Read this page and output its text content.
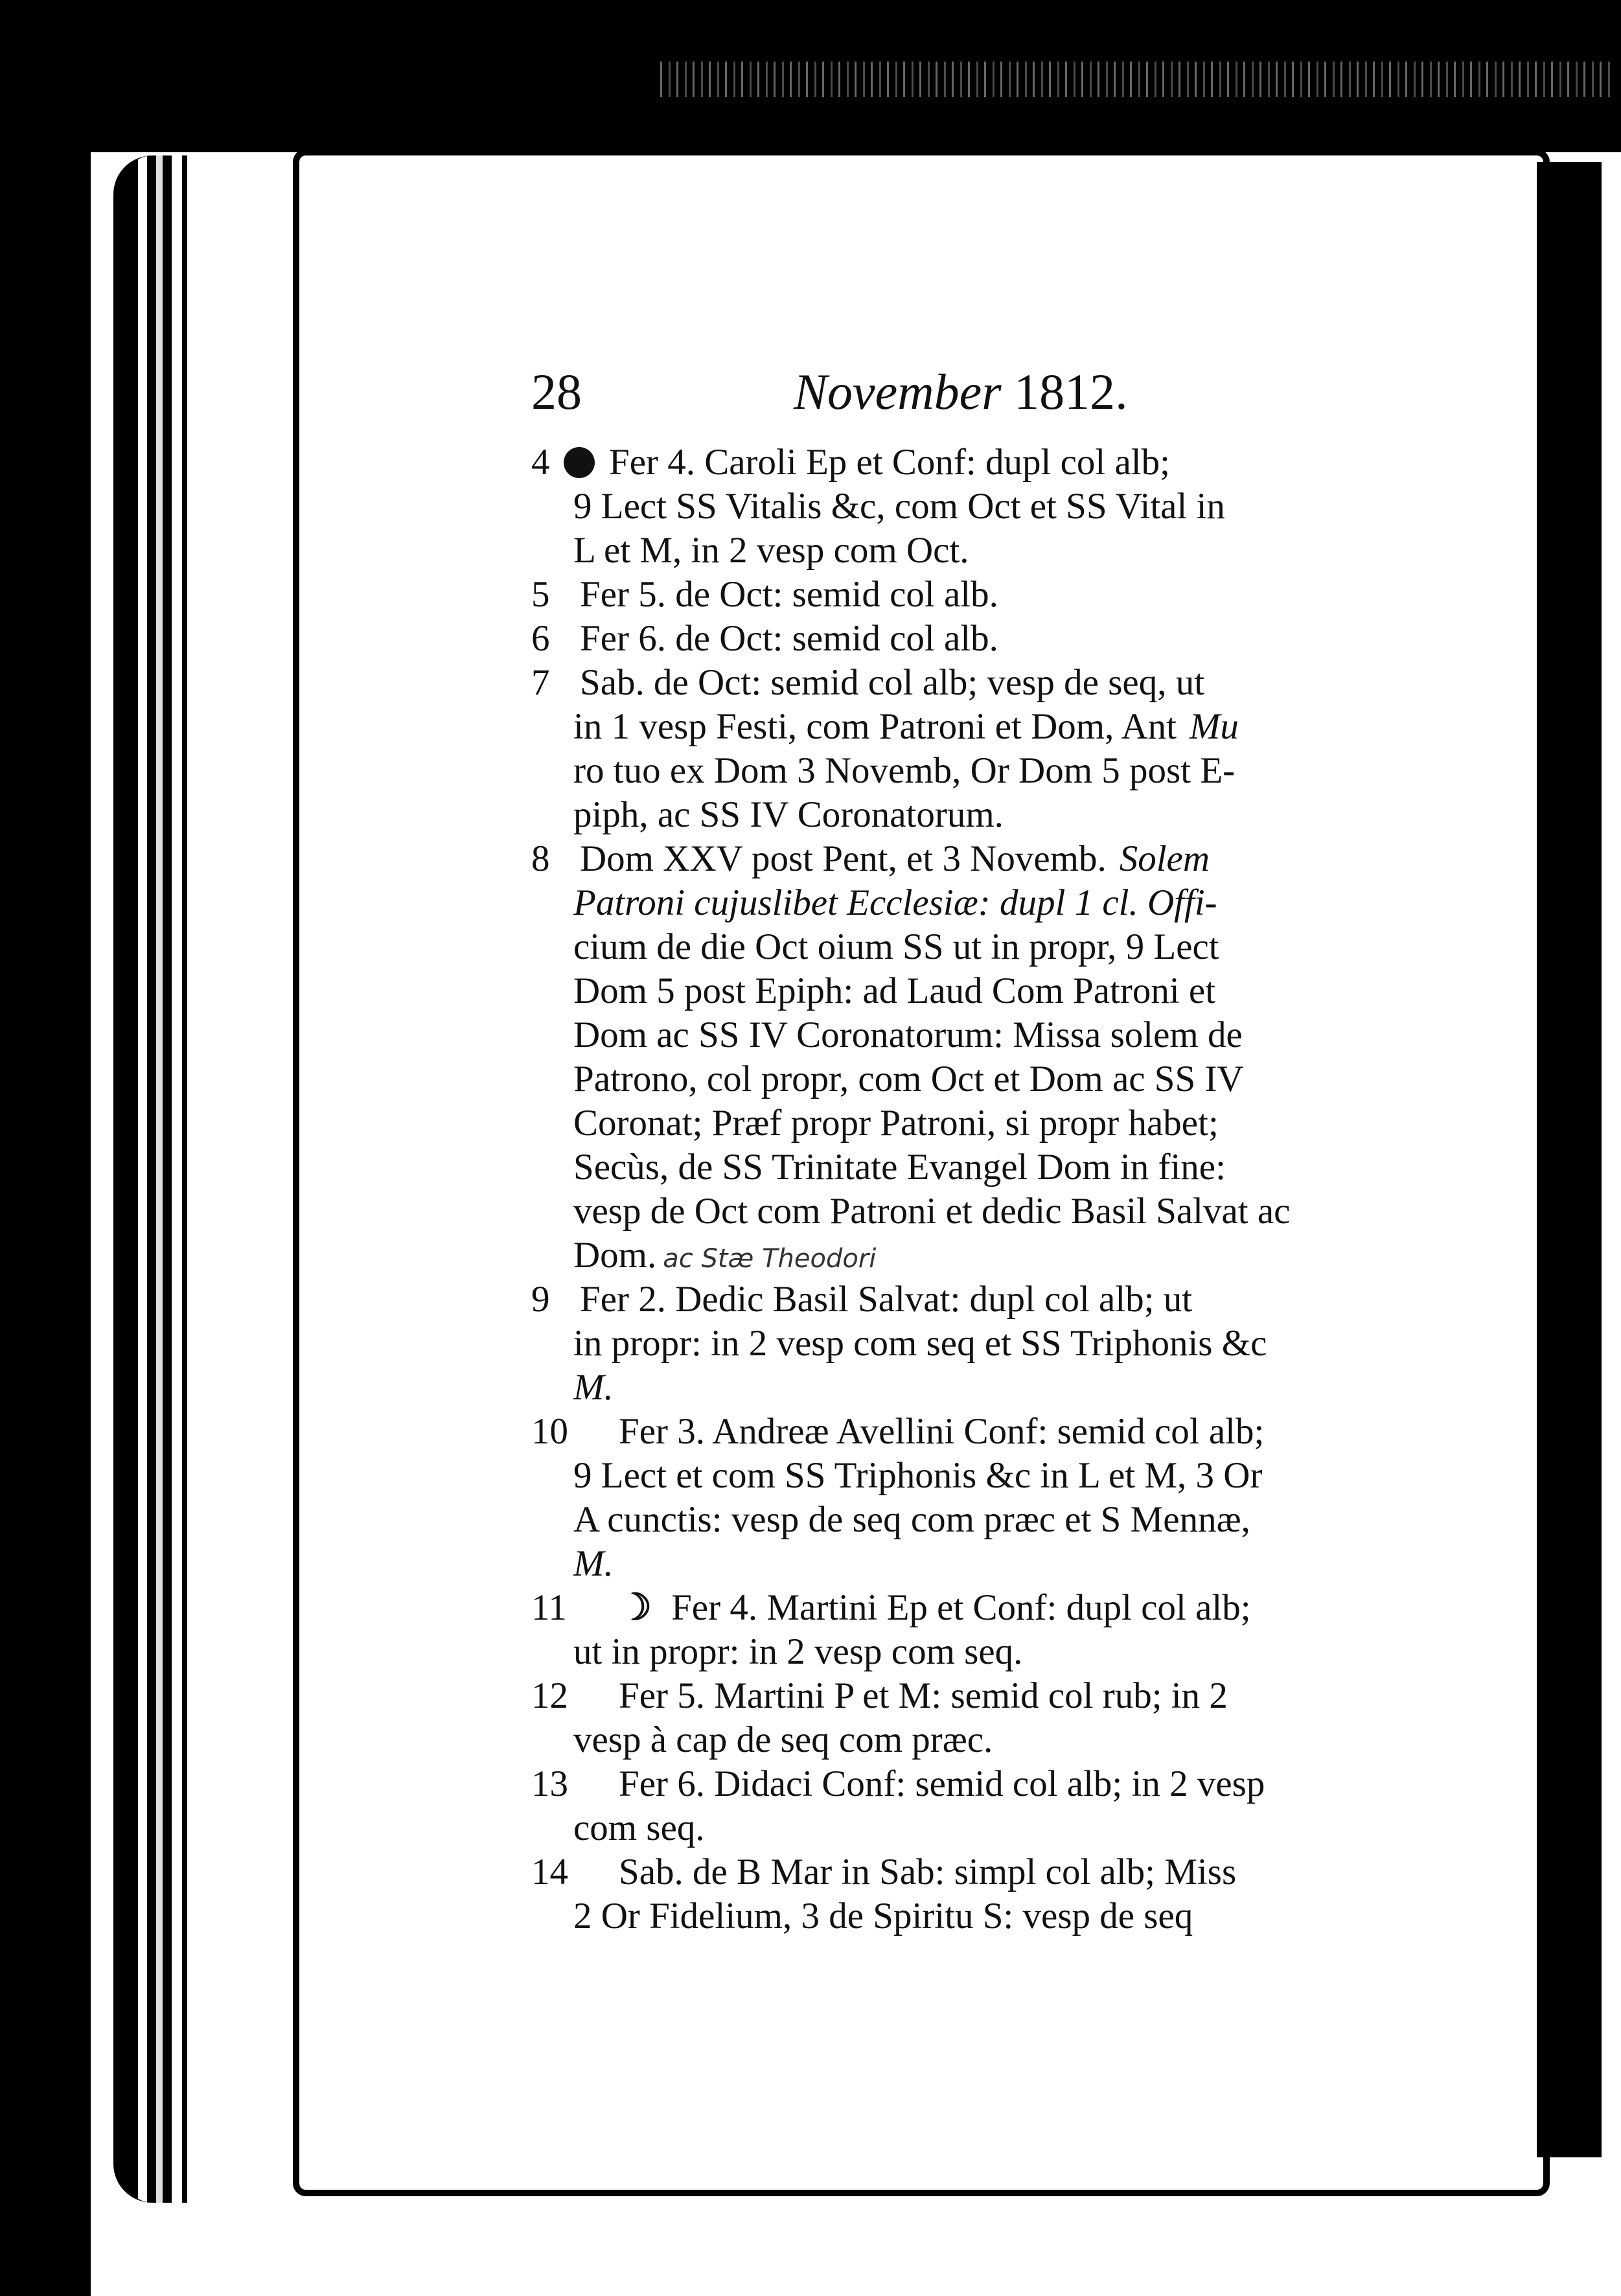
28	November 1812.
4 Fer 4. Caroli Ep et Conf: dupl col alb;
9 Lect SS Vitalis &c, com Oct et SS Vital in
L et M, in 2 vesp com Oct.
5 Fer 5. de Oct: semid col alb.
6 Fer 6. de Oct: semid col alb.
7 Sab. de Oct: semid col alb; vesp de seq, ut
in 1 vesp Festi, com Patroni et Dom, Ant Mu
ro tuo ex Dom 3 Novemb, Or Dom 5 post E-
piph, ac SS IV Coronatorum.
8 Dom XXV post Pent, et 3 Novemb. Solem
Patroni cujuslibet Ecclesiæ: dupl 1 cl. Offi-
cium de die Oct oium SS ut in propr, 9 Lect
Dom 5 post Epiph: ad Laud Com Patroni et
Dom ac SS IV Coronatorum: Missa solem de
Patrono, col propr, com Oct et Dom ac SS IV
Coronat; Præf propr Patroni, si propr habet;
Secùs, de SS Trinitate Evangel Dom in fine:
vesp de Oct com Patroni et dedic Basil Salvat ac
Dom. ac Stæ Theodori
9 Fer 2. Dedic Basil Salvat: dupl col alb; ut
in propr: in 2 vesp com seq et SS Triphonis &c
M.
10	Fer 3. Andreæ Avellini Conf: semid col alb;
9 Lect et com SS Triphonis &c in L et M, 3 Or
A cunctis: vesp de seq com præc et S Mennæ,
M.
11	☽ Fer 4. Martini Ep et Conf: dupl col alb;
ut in propr: in 2 vesp com seq.
12	Fer 5. Martini P et M: semid col rub; in 2
vesp à cap de seq com præc.
13	Fer 6. Didaci Conf: semid col alb; in 2 vesp
com seq.
14	Sab. de B Mar in Sab: simpl col alb; Miss
2 Or Fidelium, 3 de Spiritu S: vesp de seq
